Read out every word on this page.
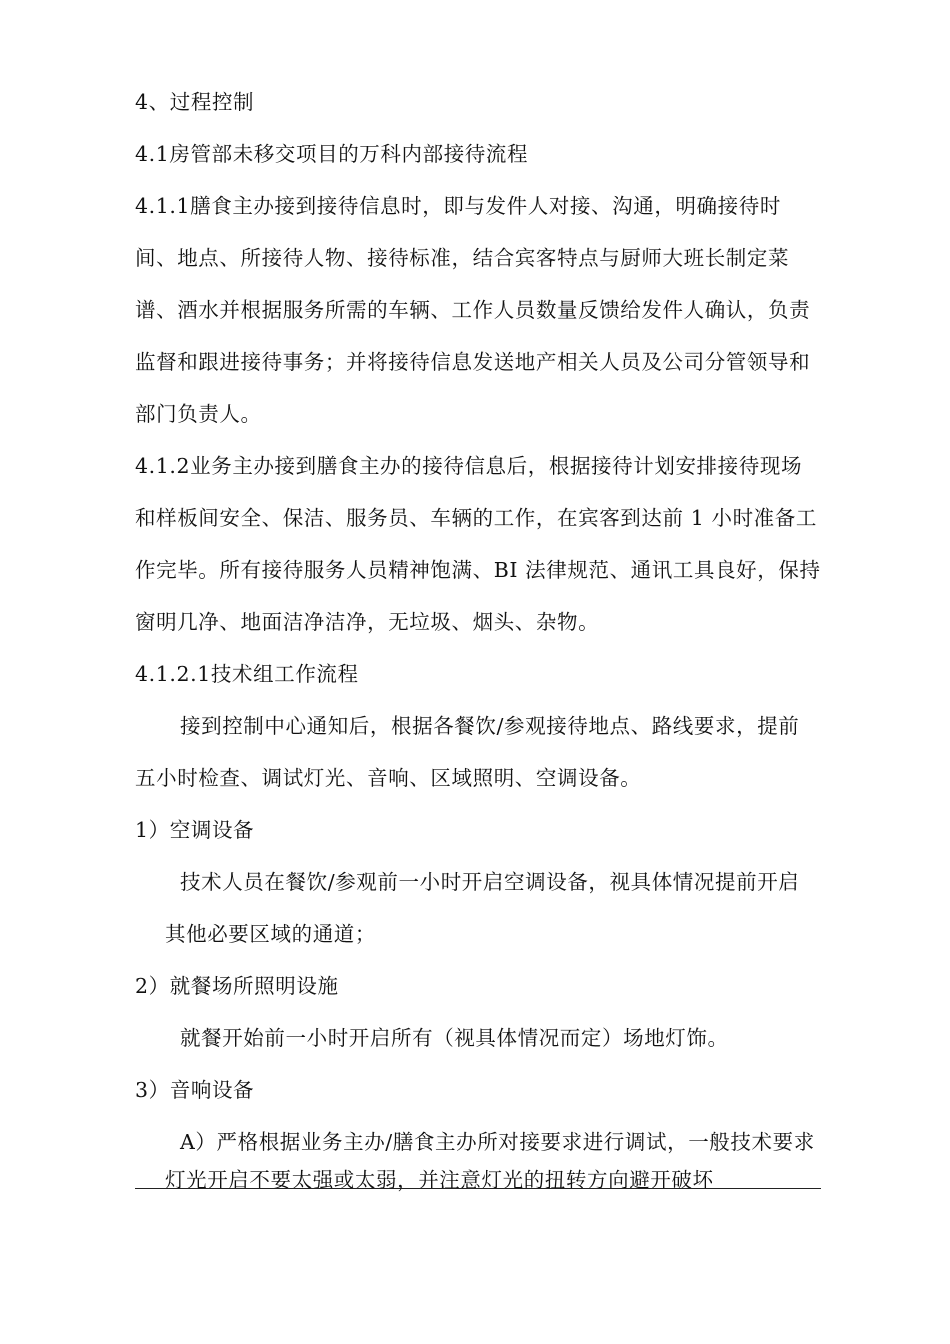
4、过程控制
4.1房管部未移交项目的万科内部接待流程
4.1.1膳食主办接到接待信息时，即与发件人对接、沟通，明确接待时
间、地点、所接待人物、接待标准，结合宾客特点与厨师大班长制定菜
谱、酒水并根据服务所需的车辆、工作人员数量反馈给发件人确认，负责
监督和跟进接待事务；并将接待信息发送地产相关人员及公司分管领导和
部门负责人。
4.1.2业务主办接到膳食主办的接待信息后，根据接待计划安排接待现场
和样板间安全、保洁、服务员、车辆的工作，在宾客到达前 1 小时准备工
作完毕。所有接待服务人员精神饱满、BI 法律规范、通讯工具良好，保持
窗明几净、地面洁净洁净，无垃圾、烟头、杂物。
4.1.2.1技术组工作流程
接到控制中心通知后，根据各餐饮/参观接待地点、路线要求，提前
五小时检查、调试灯光、音响、区域照明、空调设备。
1）空调设备
技术人员在餐饮/参观前一小时开启空调设备，视具体情况提前开启
其他必要区域的通道；
2）就餐场所照明设施
就餐开始前一小时开启所有（视具体情况而定）场地灯饰。
3）音响设备
A）严格根据业务主办/膳食主办所对接要求进行调试，一般技术要求
灯光开启不要太强或太弱，并注意灯光的扭转方向避开破坏
